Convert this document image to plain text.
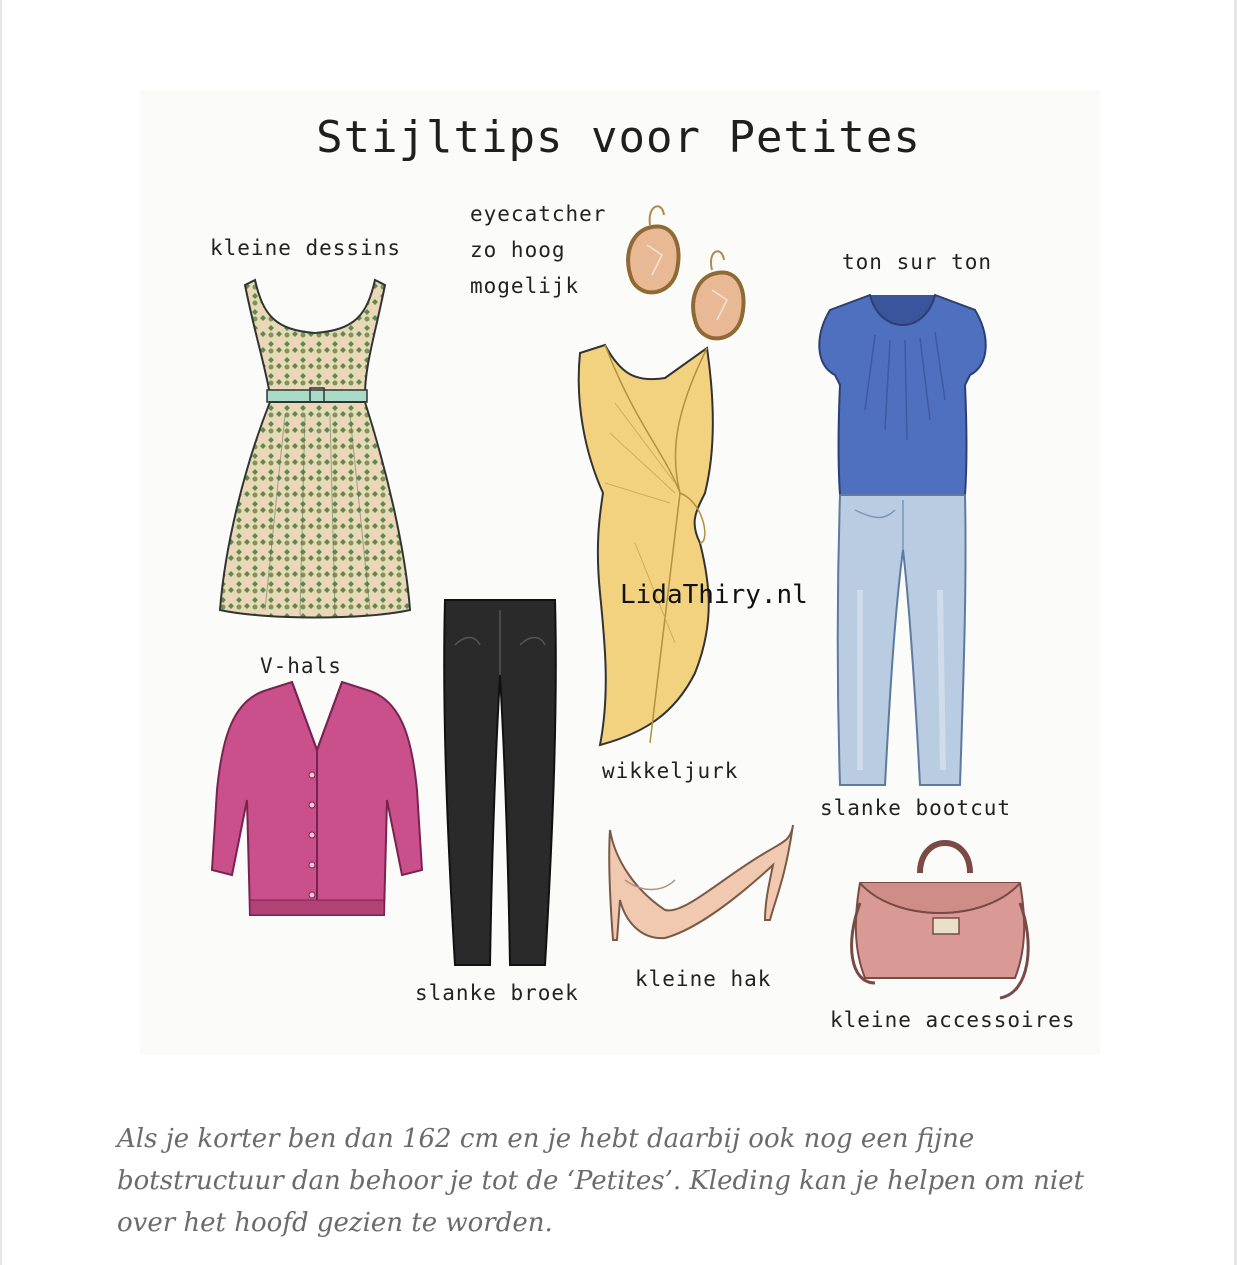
Stijltips voor Petites
kleine dessins
eyecatcher
zo hoog
mogelijk
ton sur ton
V-hals
wikkeljurk
slanke bootcut
slanke broek
kleine hak
kleine accessoires
LidaThiry.nl

Als je korter ben dan 162 cm en je hebt daarbij ook nog een fijne botstructuur dan behoor je tot de ‘Petites’. Kleding kan je helpen om niet over het hoofd gezien te worden.
